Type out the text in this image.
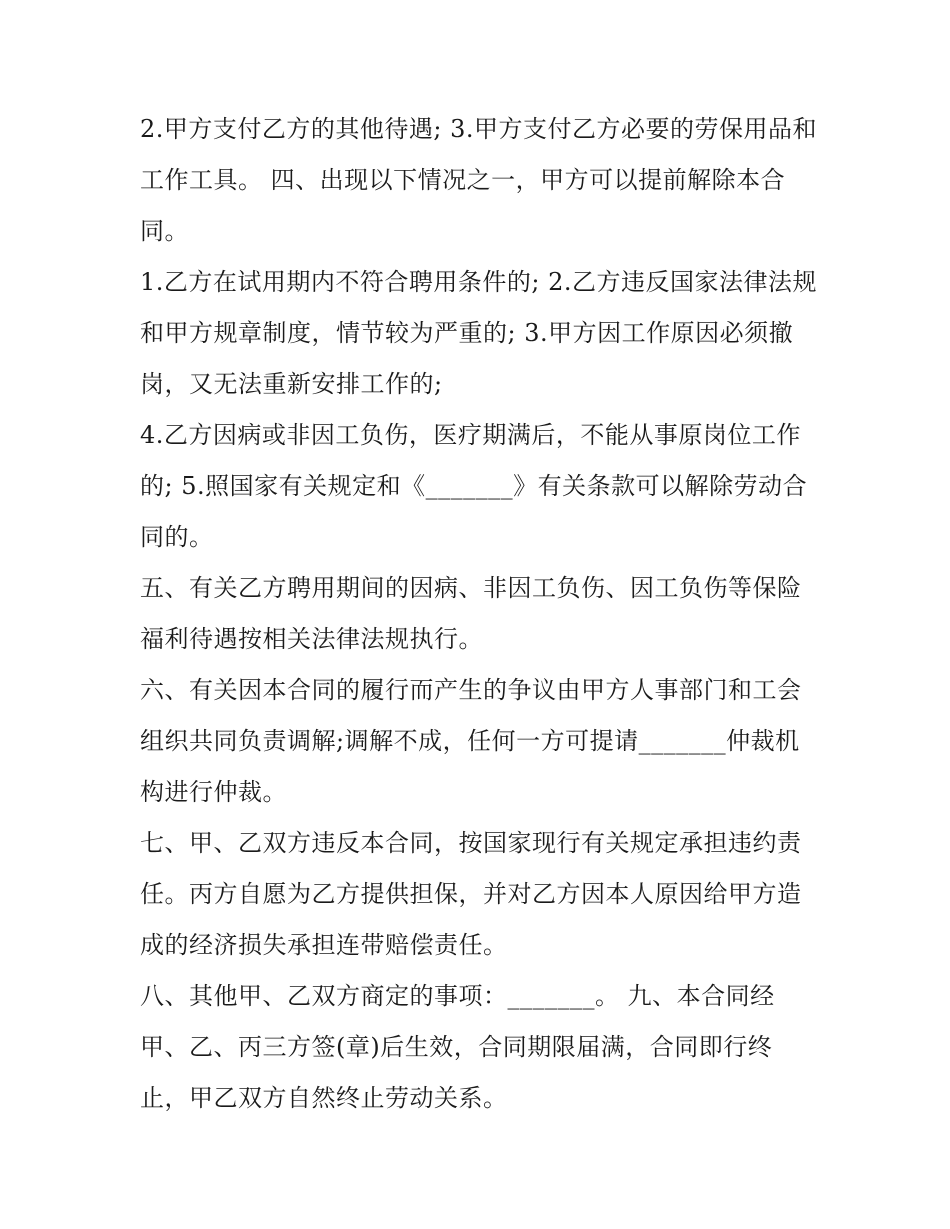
2.甲方支付乙方的其他待遇; 3.甲方支付乙方必要的劳保用品和
工作工具。 四、出现以下情况之一，甲方可以提前解除本合
同。

1.乙方在试用期内不符合聘用条件的; 2.乙方违反国家法律法规
和甲方规章制度，情节较为严重的; 3.甲方因工作原因必须撤
岗，又无法重新安排工作的;

4.乙方因病或非因工负伤，医疗期满后，不能从事原岗位工作
的; 5.照国家有关规定和《_______》有关条款可以解除劳动合
同的。

五、有关乙方聘用期间的因病、非因工负伤、因工负伤等保险
福利待遇按相关法律法规执行。

六、有关因本合同的履行而产生的争议由甲方人事部门和工会
组织共同负责调解;调解不成，任何一方可提请_______仲裁机
构进行仲裁。

七、甲、乙双方违反本合同，按国家现行有关规定承担违约责
任。丙方自愿为乙方提供担保，并对乙方因本人原因给甲方造
成的经济损失承担连带赔偿责任。

八、其他甲、乙双方商定的事项：_______。 九、本合同经
甲、乙、丙三方签(章)后生效，合同期限届满，合同即行终
止，甲乙双方自然终止劳动关系。
